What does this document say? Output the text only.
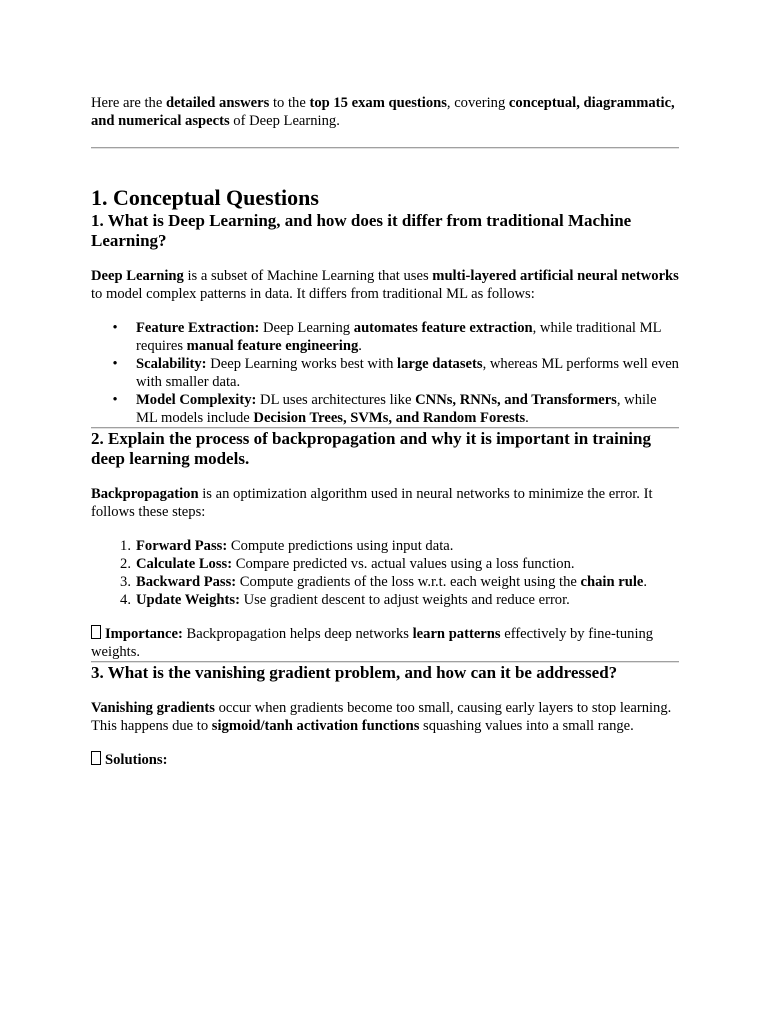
Here are the detailed answers to the top 15 exam questions, covering conceptual, diagrammatic, and numerical aspects of Deep Learning.

1. Conceptual Questions
1. What is Deep Learning, and how does it differ from traditional Machine Learning?

Deep Learning is a subset of Machine Learning that uses multi-layered artificial neural networks to model complex patterns in data. It differs from traditional ML as follows:

• Feature Extraction: Deep Learning automates feature extraction, while traditional ML requires manual feature engineering.
• Scalability: Deep Learning works best with large datasets, whereas ML performs well even with smaller data.
• Model Complexity: DL uses architectures like CNNs, RNNs, and Transformers, while ML models include Decision Trees, SVMs, and Random Forests.
2. Explain the process of backpropagation and why it is important in training deep learning models.

Backpropagation is an optimization algorithm used in neural networks to minimize the error. It follows these steps:

1. Forward Pass: Compute predictions using input data.
2. Calculate Loss: Compare predicted vs. actual values using a loss function.
3. Backward Pass: Compute gradients of the loss w.r.t. each weight using the chain rule.
4. Update Weights: Use gradient descent to adjust weights and reduce error.

Importance: Backpropagation helps deep networks learn patterns effectively by fine-tuning weights.

3. What is the vanishing gradient problem, and how can it be addressed?

Vanishing gradients occur when gradients become too small, causing early layers to stop learning. This happens due to sigmoid/tanh activation functions squashing values into a small range.

Solutions:
